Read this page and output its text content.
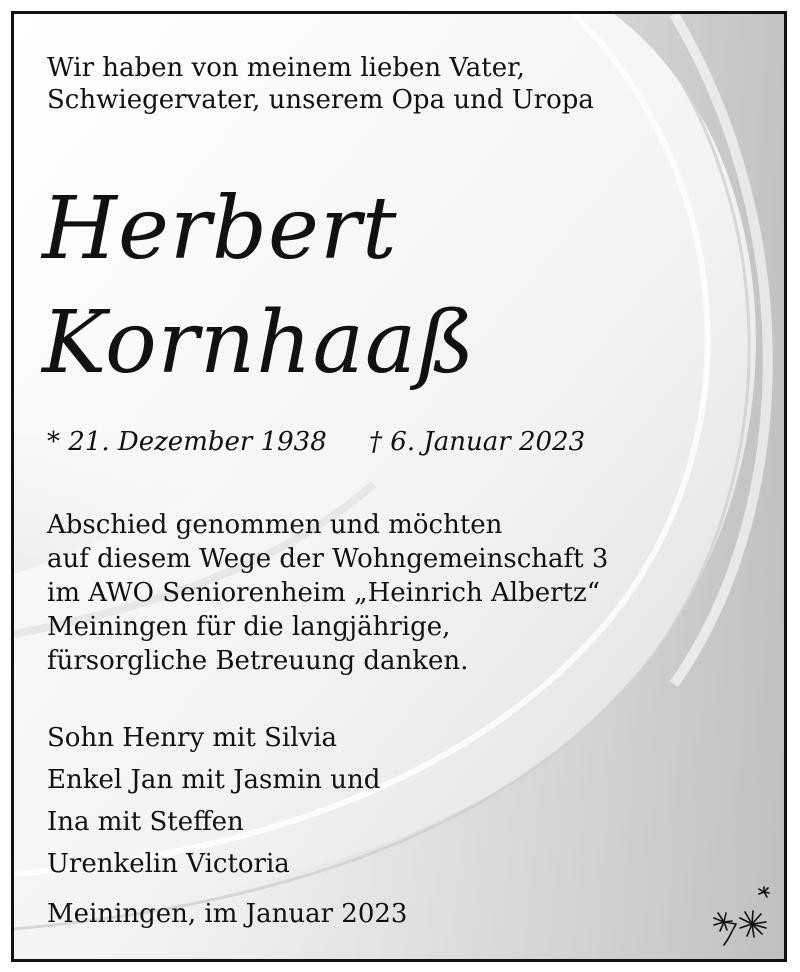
Wir haben von meinem lieben Vater,
Schwiegervater, unserem Opa und Uropa

Herbert
Kornhaaß
* 21. Dezember 1938 † 6. Januar 2023

Abschied genommen und möchten
auf diesem Wege der Wohngemeinschaft 3
im AWO Seniorenheim „Heinrich Albertz“
Meiningen für die langjährige,
fürsorgliche Betreuung danken.

Sohn Henry mit Silvia
Enkel Jan mit Jasmin und
Ina mit Steffen
Urenkelin Victoria
Meiningen, im Januar 2023
